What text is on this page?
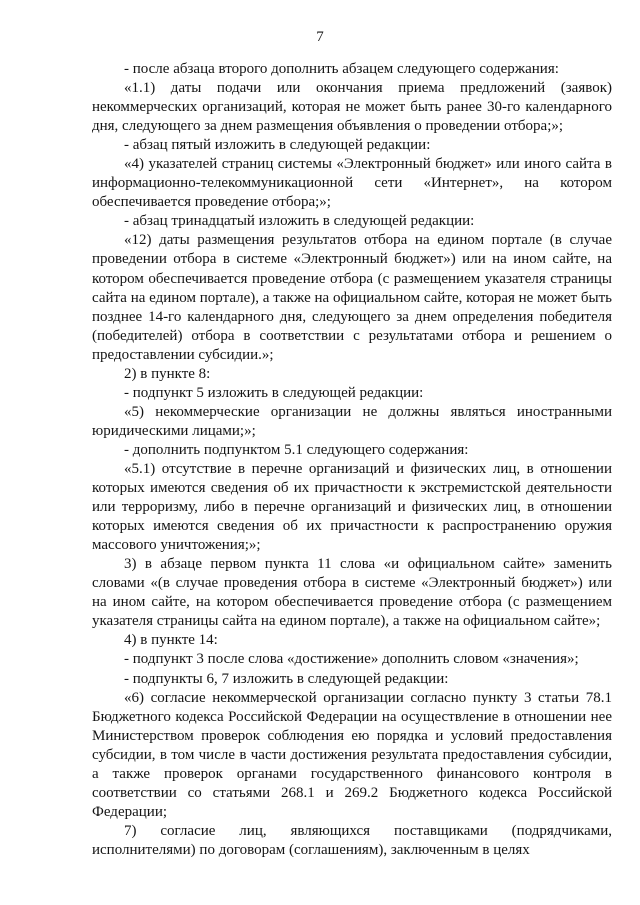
7

- после абзаца второго дополнить абзацем следующего содержания:

«1.1) даты подачи или окончания приема предложений (заявок) некоммерческих организаций, которая не может быть ранее 30-го календарного дня, следующего за днем размещения объявления о проведении отбора;»;

- абзац пятый изложить в следующей редакции:

«4) указателей страниц системы «Электронный бюджет» или иного сайта в информационно-телекоммуникационной сети «Интернет», на котором обеспечивается проведение отбора;»;

- абзац тринадцатый изложить в следующей редакции:

«12) даты размещения результатов отбора на едином портале (в случае проведении отбора в системе «Электронный бюджет») или на ином сайте, на котором обеспечивается проведение отбора (с размещением указателя страницы сайта на едином портале), а также на официальном сайте, которая не может быть позднее 14-го календарного дня, следующего за днем определения победителя (победителей) отбора в соответствии с результатами отбора и решением о предоставлении субсидии.»;

2) в пункте 8:

- подпункт 5 изложить в следующей редакции:

«5) некоммерческие организации не должны являться иностранными юридическими лицами;»;

- дополнить подпунктом 5.1 следующего содержания:

«5.1) отсутствие в перечне организаций и физических лиц, в отношении которых имеются сведения об их причастности к экстремистской деятельности или терроризму, либо в перечне организаций и физических лиц, в отношении которых имеются сведения об их причастности к распространению оружия массового уничтожения;»;

3) в абзаце первом пункта 11 слова «и официальном сайте» заменить словами «(в случае проведения отбора в системе «Электронный бюджет») или на ином сайте, на котором обеспечивается проведение отбора (с размещением указателя страницы сайта на едином портале), а также на официальном сайте»;

4) в пункте 14:

- подпункт 3 после слова «достижение» дополнить словом «значения»;

- подпункты 6, 7 изложить в следующей редакции:

«6) согласие некоммерческой организации согласно пункту 3 статьи 78.1 Бюджетного кодекса Российской Федерации на осуществление в отношении нее Министерством проверок соблюдения ею порядка и условий предоставления субсидии, в том числе в части достижения результата предоставления субсидии, а также проверок органами государственного финансового контроля в соответствии со статьями 268.1 и 269.2 Бюджетного кодекса Российской Федерации;

7) согласие лиц, являющихся поставщиками (подрядчиками, исполнителями) по договорам (соглашениям), заключенным в целях
